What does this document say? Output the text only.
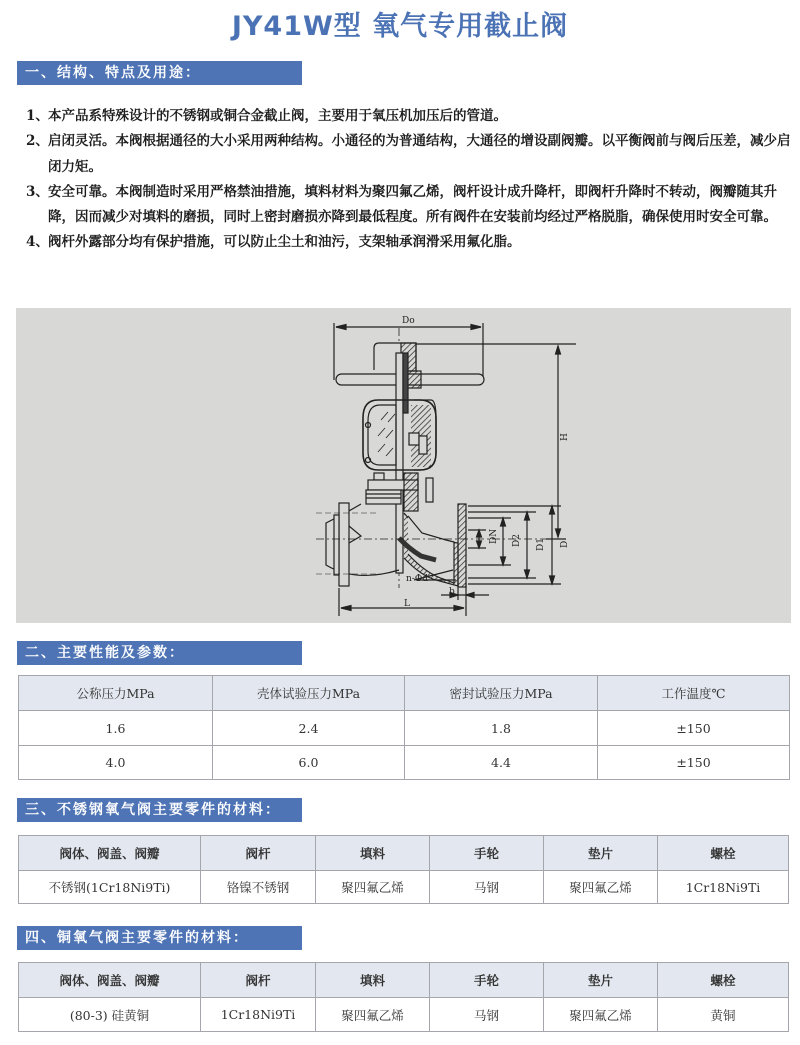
JY41W型 氧气专用截止阀
一、结构、特点及用途：
1、本产品系特殊设计的不锈钢或铜合金截止阀，主要用于氧压机加压后的管道。
2、启闭灵活。本阀根据通径的大小采用两种结构。小通径的为普通结构，大通径的增设副阀瓣。以平衡阀前与阀后压差，减少启闭力矩。
3、安全可靠。本阀制造时采用严格禁油措施，填料材料为聚四氟乙烯，阀杆设计成升降杆，即阀杆升降时不转动，阀瓣随其升降，因而减少对填料的磨损，同时上密封磨损亦降到最低程度。所有阀件在安装前均经过严格脱脂，确保使用时安全可靠。
4、阀杆外露部分均有保护措施，可以防止尘土和油污，支架轴承润滑采用氟化脂。
Do
n-Φd
b
L
H
DN D2 D1 D
二、主要性能及参数：
公称压力MPa	壳体试验压力MPa	密封试验压力MPa	工作温度℃
1.6	2.4	1.8	±150
4.0	6.0	4.4	±150
三、不锈钢氧气阀主要零件的材料：
阀体、阀盖、阀瓣	阀杆	填料	手轮	垫片	螺栓
不锈钢(1Cr18Ni9Ti)	铬镍不锈钢	聚四氟乙烯	马钢	聚四氟乙烯	1Cr18Ni9Ti
四、铜氧气阀主要零件的材料：
阀体、阀盖、阀瓣	阀杆	填料	手轮	垫片	螺栓
(80-3) 硅黄铜	1Cr18Ni9Ti	聚四氟乙烯	马钢	聚四氟乙烯	黄铜
